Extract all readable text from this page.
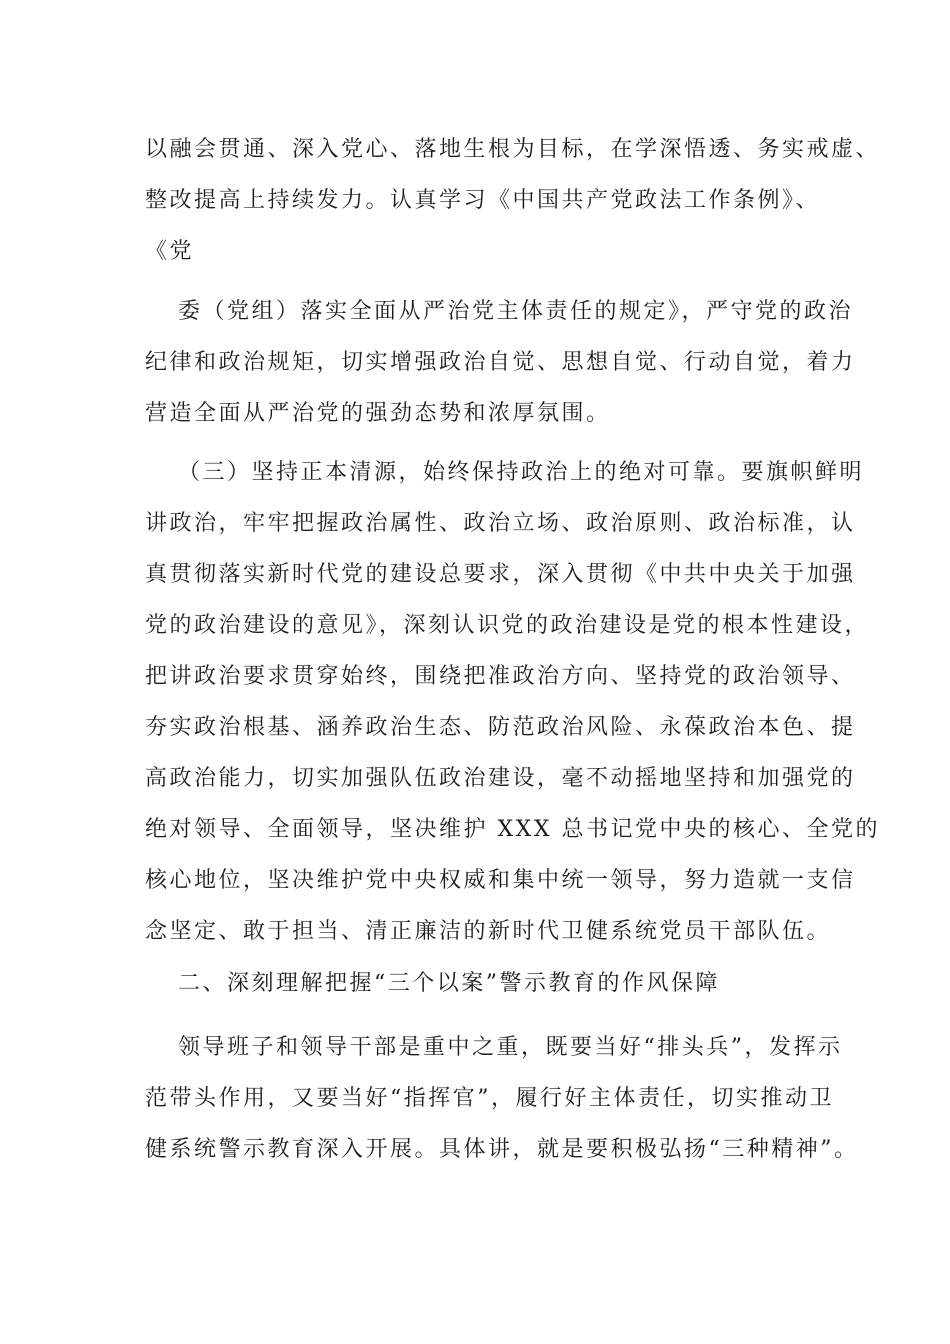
以融会贯通、深入党心、落地生根为目标，在学深悟透、务实戒虚、
整改提高上持续发力。认真学习《中国共产党政法工作条例》、
《党
委（党组）落实全面从严治党主体责任的规定》，严守党的政治
纪律和政治规矩，切实增强政治自觉、思想自觉、行动自觉，着力
营造全面从严治党的强劲态势和浓厚氛围。
（三）坚持正本清源，始终保持政治上的绝对可靠。要旗帜鲜明
讲政治，牢牢把握政治属性、政治立场、政治原则、政治标准，认
真贯彻落实新时代党的建设总要求，深入贯彻《中共中央关于加强
党的政治建设的意见》，深刻认识党的政治建设是党的根本性建设，
把讲政治要求贯穿始终，围绕把准政治方向、坚持党的政治领导、
夯实政治根基、涵养政治生态、防范政治风险、永葆政治本色、提
高政治能力，切实加强队伍政治建设，毫不动摇地坚持和加强党的
绝对领导、全面领导，坚决维护 XXX 总书记党中央的核心、全党的
核心地位，坚决维护党中央权威和集中统一领导，努力造就一支信
念坚定、敢于担当、清正廉洁的新时代卫健系统党员干部队伍。
二、深刻理解把握“三个以案”警示教育的作风保障
领导班子和领导干部是重中之重，既要当好“排头兵”，发挥示
范带头作用，又要当好“指挥官”，履行好主体责任，切实推动卫
健系统警示教育深入开展。具体讲，就是要积极弘扬“三种精神”。
